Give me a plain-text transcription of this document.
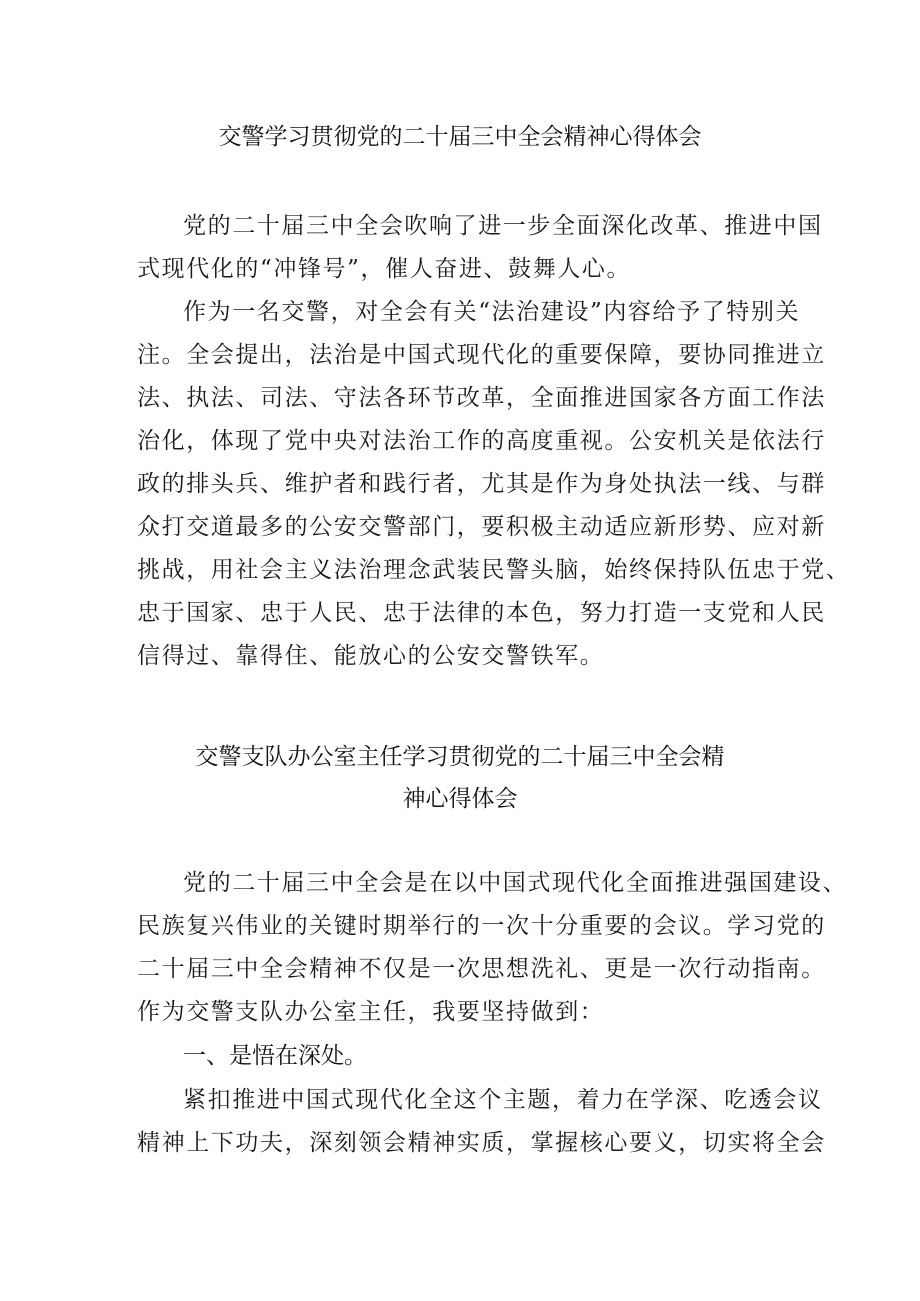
交警学习贯彻党的二十届三中全会精神心得体会
党的二十届三中全会吹响了进一步全面深化改革、推进中国
式现代化的“冲锋号”，催人奋进、鼓舞人心。
作为一名交警，对全会有关“法治建设”内容给予了特别关
注。全会提出，法治是中国式现代化的重要保障，要协同推进立
法、执法、司法、守法各环节改革，全面推进国家各方面工作法
治化，体现了党中央对法治工作的高度重视。公安机关是依法行
政的排头兵、维护者和践行者，尤其是作为身处执法一线、与群
众打交道最多的公安交警部门，要积极主动适应新形势、应对新
挑战，用社会主义法治理念武装民警头脑，始终保持队伍忠于党、
忠于国家、忠于人民、忠于法律的本色，努力打造一支党和人民
信得过、靠得住、能放心的公安交警铁军。
交警支队办公室主任学习贯彻党的二十届三中全会精
神心得体会
党的二十届三中全会是在以中国式现代化全面推进强国建设、
民族复兴伟业的关键时期举行的一次十分重要的会议。学习党的
二十届三中全会精神不仅是一次思想洗礼、更是一次行动指南。
作为交警支队办公室主任，我要坚持做到：
一、是悟在深处。
紧扣推进中国式现代化全这个主题，着力在学深、吃透会议
精神上下功夫，深刻领会精神实质，掌握核心要义，切实将全会
